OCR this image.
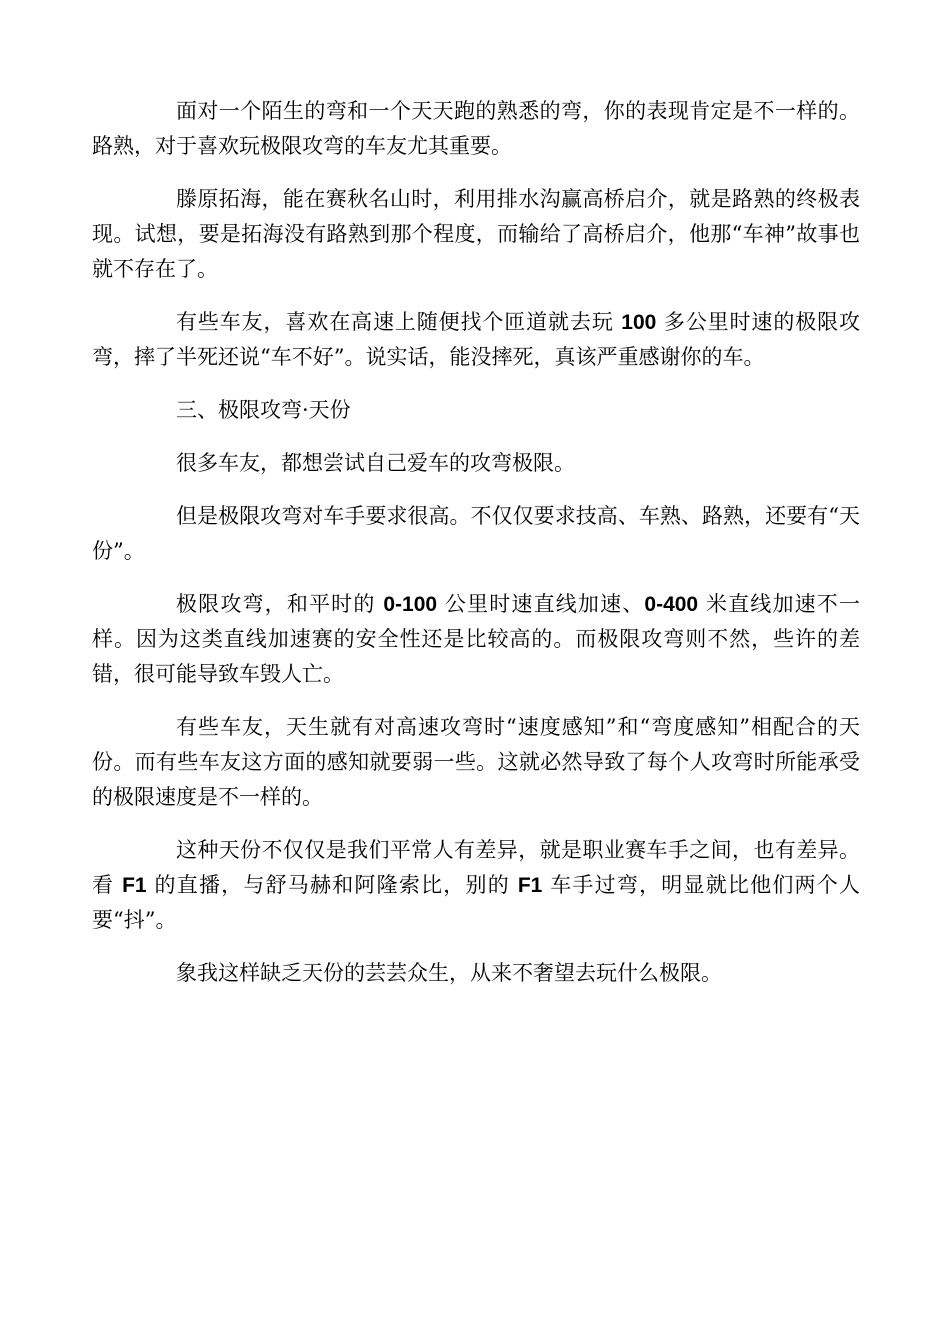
面对一个陌生的弯和一个天天跑的熟悉的弯，你的表现肯定是不一样的。路熟，对于喜欢玩极限攻弯的车友尤其重要。

滕原拓海，能在赛秋名山时，利用排水沟赢高桥启介，就是路熟的终极表现。试想，要是拓海没有路熟到那个程度，而输给了高桥启介，他那“车神”故事也就不存在了。

有些车友，喜欢在高速上随便找个匝道就去玩 100 多公里时速的极限攻弯，摔了半死还说“车不好”。说实话，能没摔死，真该严重感谢你的车。

三、极限攻弯·天份

很多车友，都想尝试自己爱车的攻弯极限。

但是极限攻弯对车手要求很高。不仅仅要求技高、车熟、路熟，还要有“天份”。

极限攻弯，和平时的 0-100 公里时速直线加速、0-400 米直线加速不一样。因为这类直线加速赛的安全性还是比较高的。而极限攻弯则不然，些许的差错，很可能导致车毁人亡。

有些车友，天生就有对高速攻弯时“速度感知”和“弯度感知”相配合的天份。而有些车友这方面的感知就要弱一些。这就必然导致了每个人攻弯时所能承受的极限速度是不一样的。

这种天份不仅仅是我们平常人有差异，就是职业赛车手之间，也有差异。看 F1 的直播，与舒马赫和阿隆索比，别的 F1 车手过弯，明显就比他们两个人要“抖”。

象我这样缺乏天份的芸芸众生，从来不奢望去玩什么极限。
